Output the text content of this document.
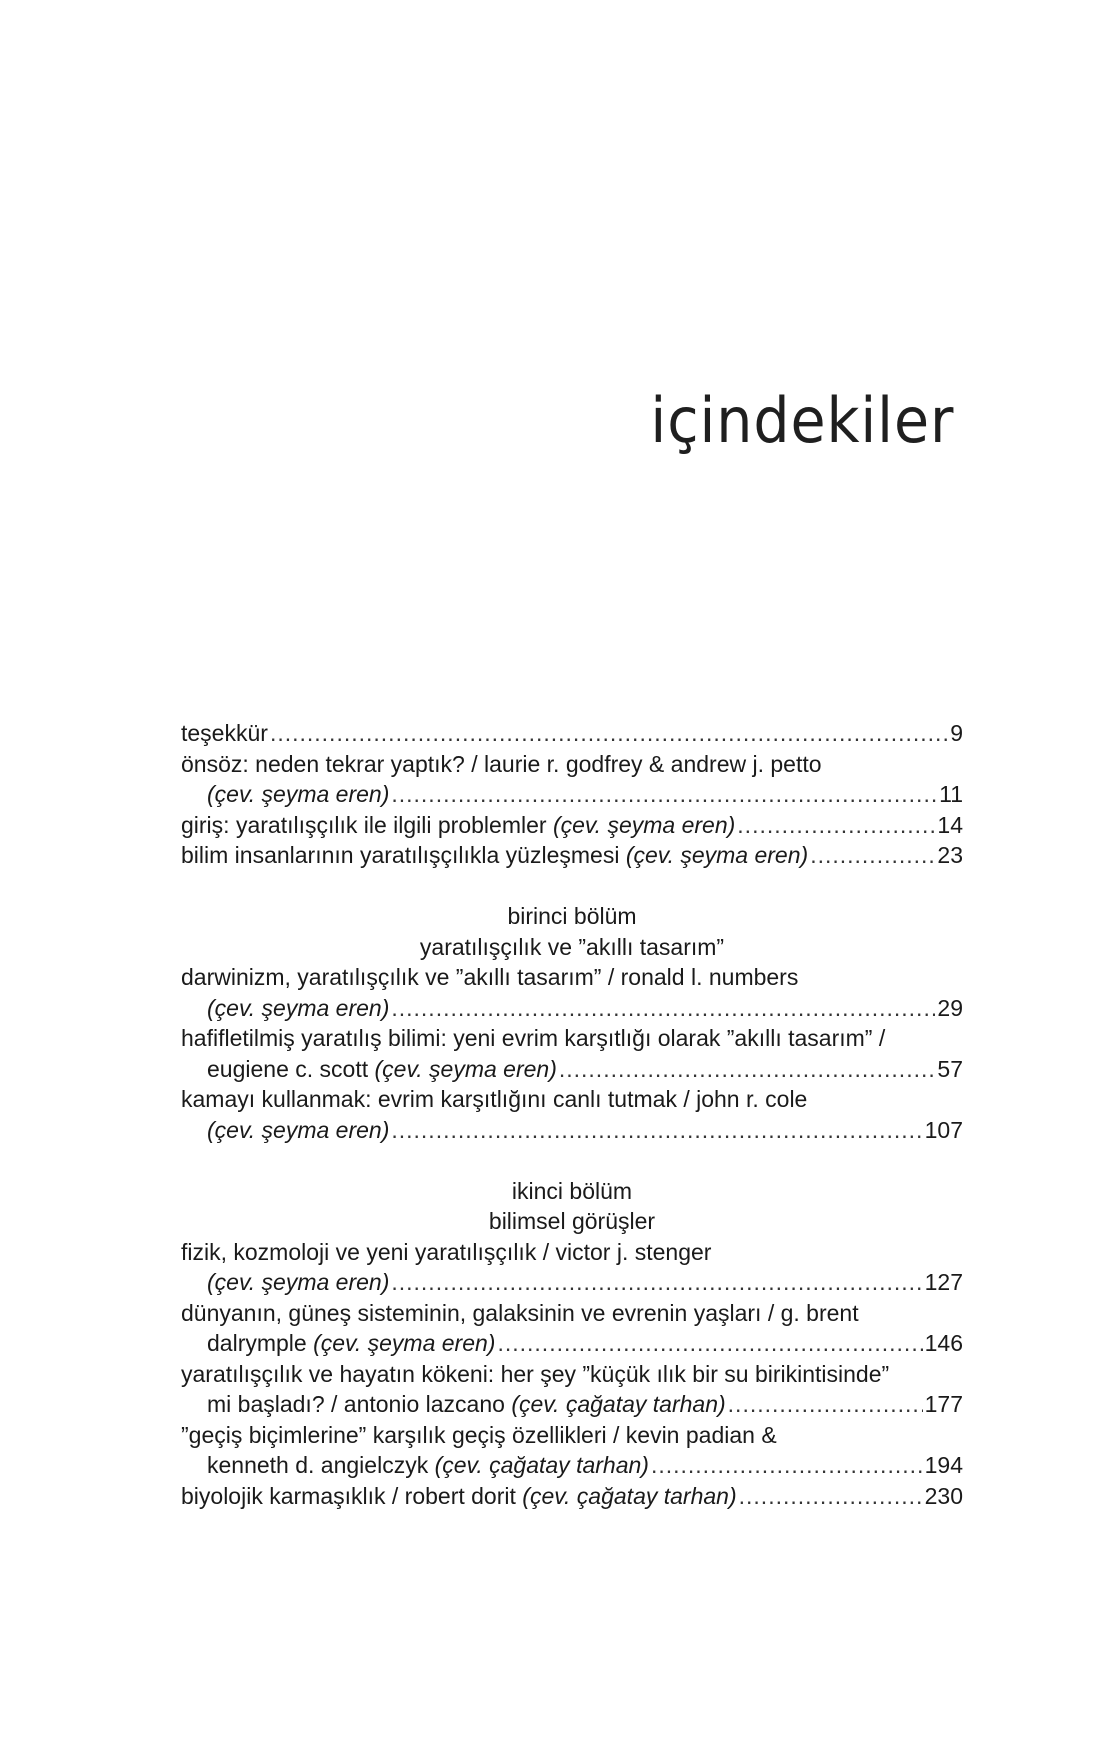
içindekiler
teşekkür .....	9
önsöz: neden tekrar yaptık? / laurie r. godfrey & andrew j. petto
(çev. şeyma eren) .....	11
giriş: yaratılışçılık ile ilgili problemler (çev. şeyma eren) .....	14
bilim insanlarının yaratılışçılıkla yüzleşmesi (çev. şeyma eren) .....	23
birinci bölüm
yaratılışçılık ve ”akıllı tasarım”
darwinizm, yaratılışçılık ve ”akıllı tasarım” / ronald l. numbers
(çev. şeyma eren) .....	29
hafifletilmiş yaratılış bilimi: yeni evrim karşıtlığı olarak ”akıllı tasarım” /
eugiene c. scott (çev. şeyma eren) .....	57
kamayı kullanmak: evrim karşıtlığını canlı tutmak / john r. cole
(çev. şeyma eren) .....	107
ikinci bölüm
bilimsel görüşler
fizik, kozmoloji ve yeni yaratılışçılık / victor j. stenger
(çev. şeyma eren) .....	127
dünyanın, güneş sisteminin, galaksinin ve evrenin yaşları / g. brent
dalrymple (çev. şeyma eren) .....	146
yaratılışçılık ve hayatın kökeni: her şey ”küçük ılık bir su birikintisinde”
mi başladı? / antonio lazcano (çev. çağatay tarhan) .....	177
”geçiş biçimlerine” karşılık geçiş özellikleri / kevin padian &
kenneth d. angielczyk (çev. çağatay tarhan) .....	194
biyolojik karmaşıklık / robert dorit (çev. çağatay tarhan) .....	230
